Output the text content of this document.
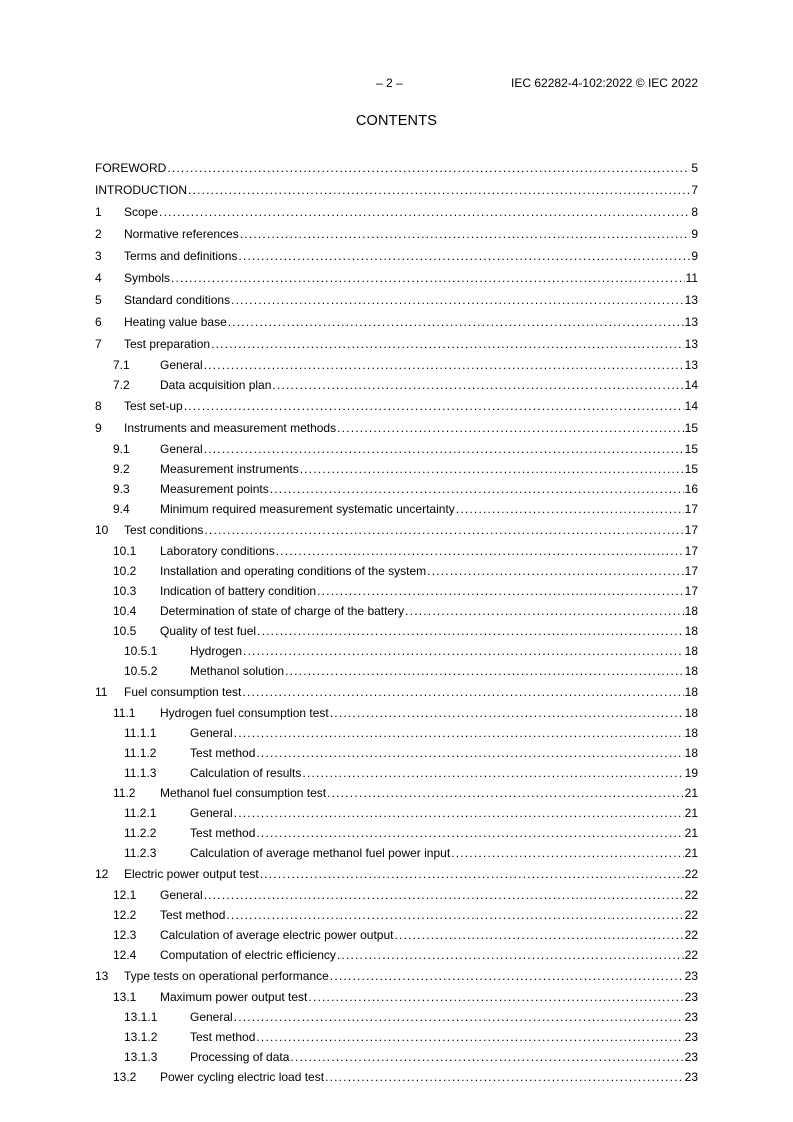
– 2 –	IEC 62282-4-102:2022 © IEC 2022
CONTENTS
FOREWORD .....	5
INTRODUCTION .....	7
1 Scope .....	8
2 Normative references .....	9
3 Terms and definitions .....	9
4 Symbols .....	11
5 Standard conditions .....	13
6 Heating value base .....	13
7 Test preparation .....	13
7.1	General .....	13
7.2	Data acquisition plan .....	14
8 Test set-up .....	14
9 Instruments and measurement methods .....	15
9.1	General .....	15
9.2	Measurement instruments .....	15
9.3	Measurement points .....	16
9.4	Minimum required measurement systematic uncertainty .....	17
10 Test conditions .....	17
10.1 Laboratory conditions .....	17
10.2 Installation and operating conditions of the system .....	17
10.3 Indication of battery condition .....	17
10.4 Determination of state of charge of the battery .....	18
10.5 Quality of test fuel .....	18
10.5.1	Hydrogen .....	18
10.5.2	Methanol solution .....	18
11 Fuel consumption test .....	18
11.1 Hydrogen fuel consumption test .....	18
11.1.1	General .....	18
11.1.2	Test method .....	18
11.1.3	Calculation of results .....	19
11.2 Methanol fuel consumption test .....	21
11.2.1	General .....	21
11.2.2	Test method .....	21
11.2.3	Calculation of average methanol fuel power input .....	21
12 Electric power output test .....	22
12.1 General .....	22
12.2 Test method .....	22
12.3 Calculation of average electric power output .....	22
12.4 Computation of electric efficiency .....	22
13 Type tests on operational performance .....	23
13.1 Maximum power output test .....	23
13.1.1	General .....	23
13.1.2	Test method .....	23
13.1.3	Processing of data .....	23
13.2 Power cycling electric load test .....	23
